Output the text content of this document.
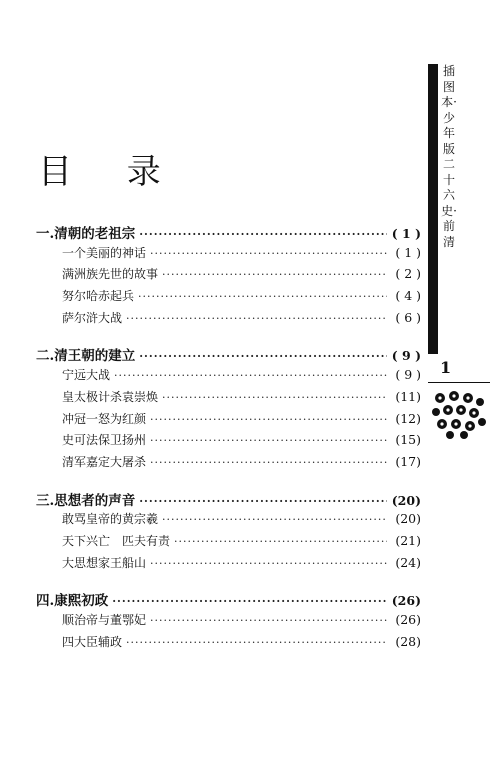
目 录
插图本·少年版二十六史·前清
1
一.清朝的老祖宗 ·····	( 1 )
一个美丽的神话 ·····	( 1 )
满洲族先世的故事 ·····	( 2 )
努尔哈赤起兵 ·····	( 4 )
萨尔浒大战 ·····	( 6 )
二.清王朝的建立 ·····	( 9 )
宁远大战 ·····	( 9 )
皇太极计杀袁崇焕 ·····	(11)
冲冠一怒为红颜 ·····	(12)
史可法保卫扬州 ·····	(15)
清军嘉定大屠杀 ·····	(17)
三.思想者的声音 ·····	(20)
敢骂皇帝的黄宗羲 ·····	(20)
天下兴亡　匹夫有责 ·····	(21)
大思想家王船山 ·····	(24)
四.康熙初政 ·····	(26)
顺治帝与董鄂妃 ·····	(26)
四大臣辅政 ·····	(28)
